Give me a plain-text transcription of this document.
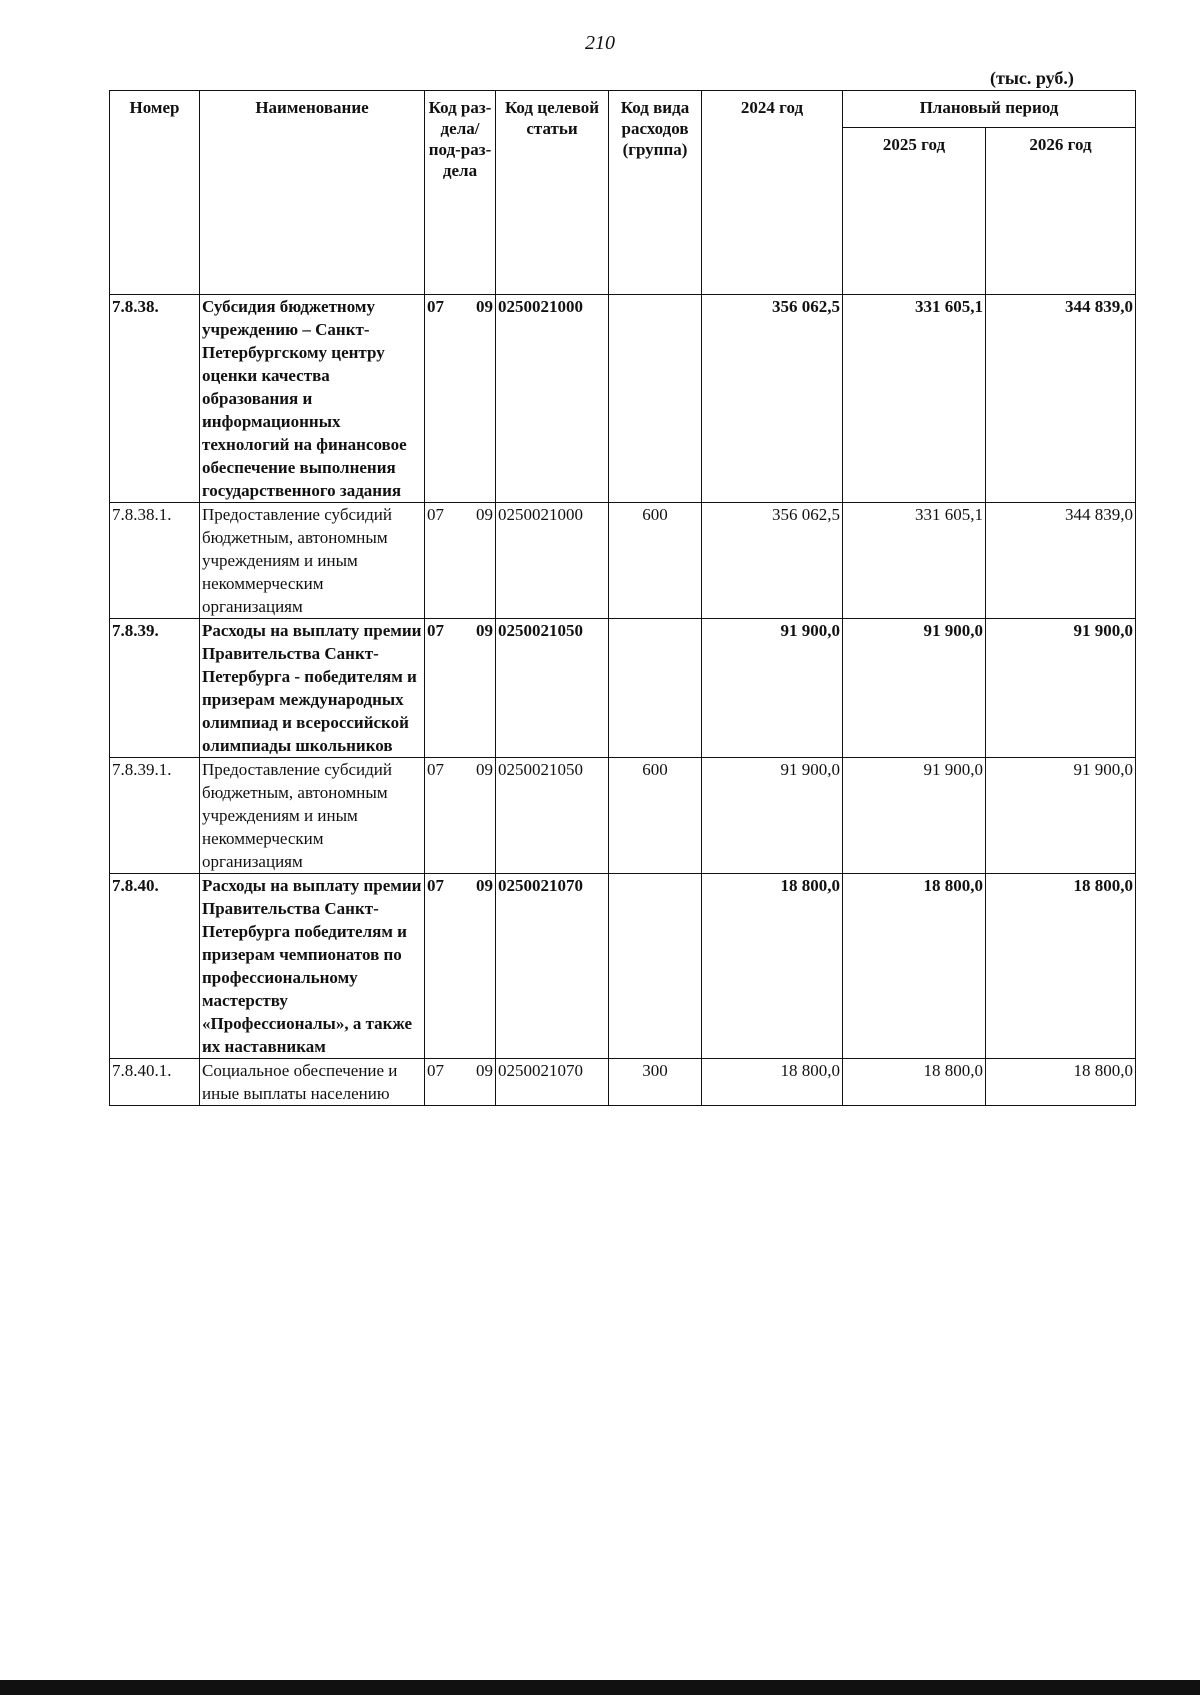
210
(тыс. руб.)
Номер	Наименование	Код раз-дела/ под-раз-дела	Код целевой статьи	Код вида расходов (группа)	2024 год	Плановый период	
						2025 год	2026 год
7.8.38.	Субсидия бюджетному учреждению – Санкт-Петербургскому центру оценки качества образования и информационных технологий на финансовое обеспечение выполнения государственного задания	07 09	0250021000		356 062,5	331 605,1	344 839,0
7.8.38.1.	Предоставление субсидий бюджетным, автономным учреждениям и иным некоммерческим организациям	07 09	0250021000	600	356 062,5	331 605,1	344 839,0
7.8.39.	Расходы на выплату премии Правительства Санкт-Петербурга - победителям и призерам международных олимпиад и всероссийской олимпиады школьников	07 09	0250021050		91 900,0	91 900,0	91 900,0
7.8.39.1.	Предоставление субсидий бюджетным, автономным учреждениям и иным некоммерческим организациям	07 09	0250021050	600	91 900,0	91 900,0	91 900,0
7.8.40.	Расходы на выплату премии Правительства Санкт-Петербурга победителям и призерам чемпионатов по профессиональному мастерству «Профессионалы», а также их наставникам	07 09	0250021070		18 800,0	18 800,0	18 800,0
7.8.40.1.	Социальное обеспечение и иные выплаты населению	07 09	0250021070	300	18 800,0	18 800,0	18 800,0
